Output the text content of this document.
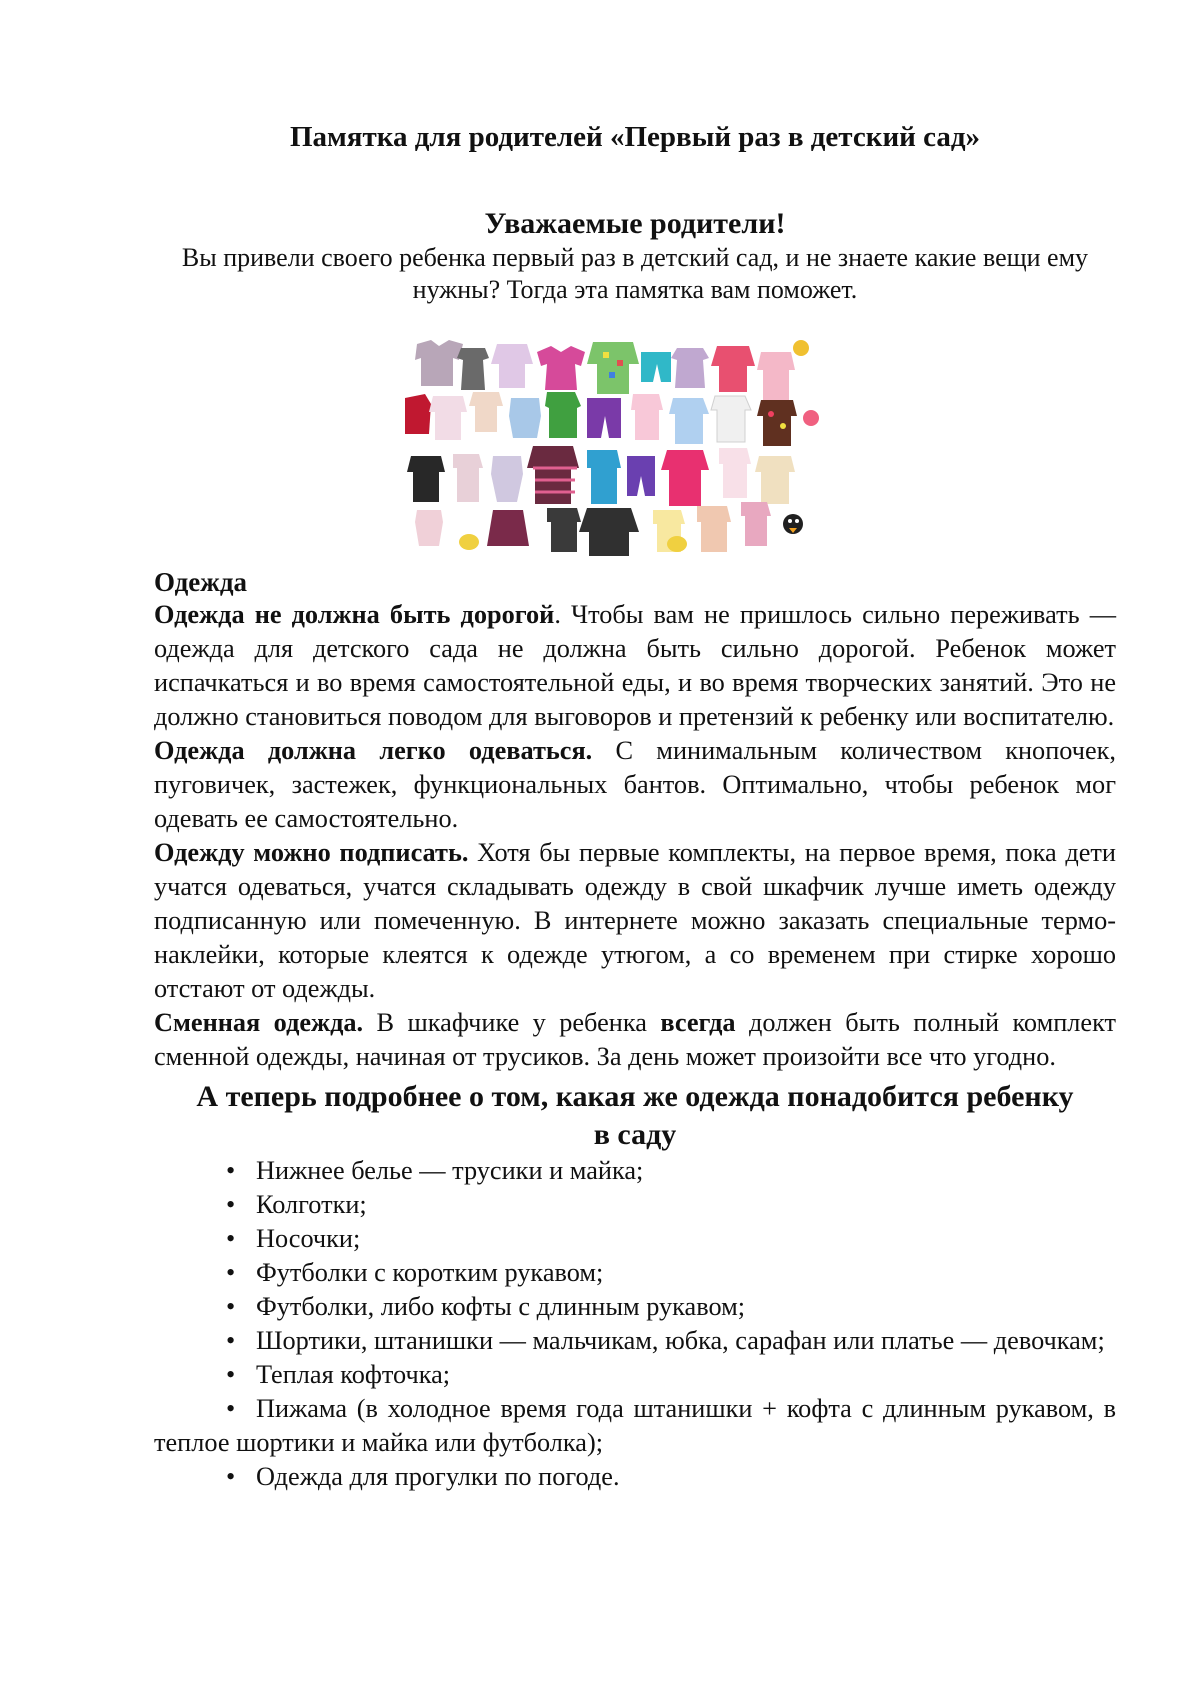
Памятка для родителей «Первый раз в детский сад»
Уважаемые родители!
Вы привели своего ребенка первый раз в детский сад, и не знаете какие вещи ему нужны? Тогда эта памятка вам поможет.
Одежда

Одежда не должна быть дорогой. Чтобы вам не пришлось сильно переживать — одежда для детского сада не должна быть сильно дорогой. Ребенок может испачкаться и во время самостоятельной еды, и во время творческих занятий. Это не должно становиться поводом для выговоров и претензий к ребенку или воспитателю.

Одежда должна легко одеваться. С минимальным количеством кнопочек, пуговичек, застежек, функциональных бантов. Оптимально, чтобы ребенок мог одевать ее самостоятельно.

Одежду можно подписать. Хотя бы первые комплекты, на первое время, пока дети учатся одеваться, учатся складывать одежду в свой шкафчик лучше иметь одежду подписанную или помеченную. В интернете можно заказать специальные термо-наклейки, которые клеятся к одежде утюгом, а со временем при стирке хорошо отстают от одежды.

Сменная одежда. В шкафчике у ребенка всегда должен быть полный комплект сменной одежды, начиная от трусиков. За день может произойти все что угодно.

А теперь подробнее о том, какая же одежда понадобится ребенку в саду
• Нижнее белье — трусики и майка;
• Колготки;
• Носочки;
• Футболки с коротким рукавом;
• Футболки, либо кофты с длинным рукавом;
• Шортики, штанишки — мальчикам, юбка, сарафан или платье — девочкам;
• Теплая кофточка;
• Пижама (в холодное время года штанишки + кофта с длинным рукавом, в теплое шортики и майка или футболка);
• Одежда для прогулки по погоде.
